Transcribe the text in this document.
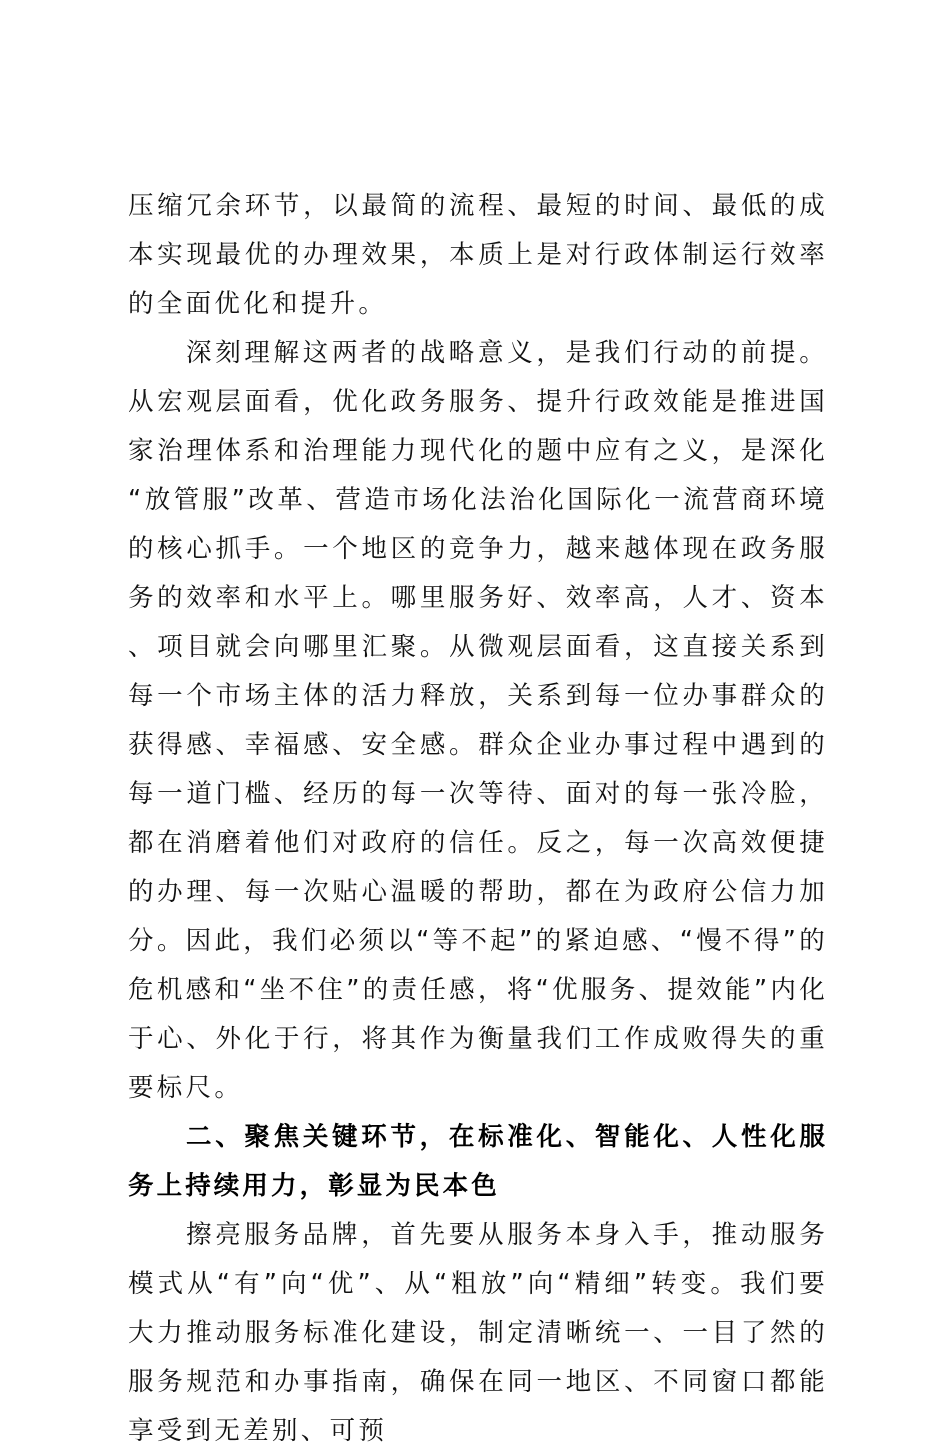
压缩冗余环节，以最简的流程、最短的时间、最低的成本实现最优的办理效果，本质上是对行政体制运行效率的全面优化和提升。

深刻理解这两者的战略意义，是我们行动的前提。从宏观层面看，优化政务服务、提升行政效能是推进国家治理体系和治理能力现代化的题中应有之义，是深化“放管服”改革、营造市场化法治化国际化一流营商环境的核心抓手。一个地区的竞争力，越来越体现在政务服务的效率和水平上。哪里服务好、效率高，人才、资本、项目就会向哪里汇聚。从微观层面看，这直接关系到每一个市场主体的活力释放，关系到每一位办事群众的获得感、幸福感、安全感。群众企业办事过程中遇到的每一道门槛、经历的每一次等待、面对的每一张冷脸，都在消磨着他们对政府的信任。反之，每一次高效便捷的办理、每一次贴心温暖的帮助，都在为政府公信力加分。因此，我们必须以“等不起”的紧迫感、“慢不得”的危机感和“坐不住”的责任感，将“优服务、提效能”内化于心、外化于行，将其作为衡量我们工作成败得失的重要标尺。

二、聚焦关键环节，在标准化、智能化、人性化服务上持续用力，彰显为民本色

擦亮服务品牌，首先要从服务本身入手，推动服务模式从“有”向“优”、从“粗放”向“精细”转变。我们要大力推动服务标准化建设，制定清晰统一、一目了然的服务规范和办事指南，确保在同一地区、不同窗口都能享受到无差别、可预
